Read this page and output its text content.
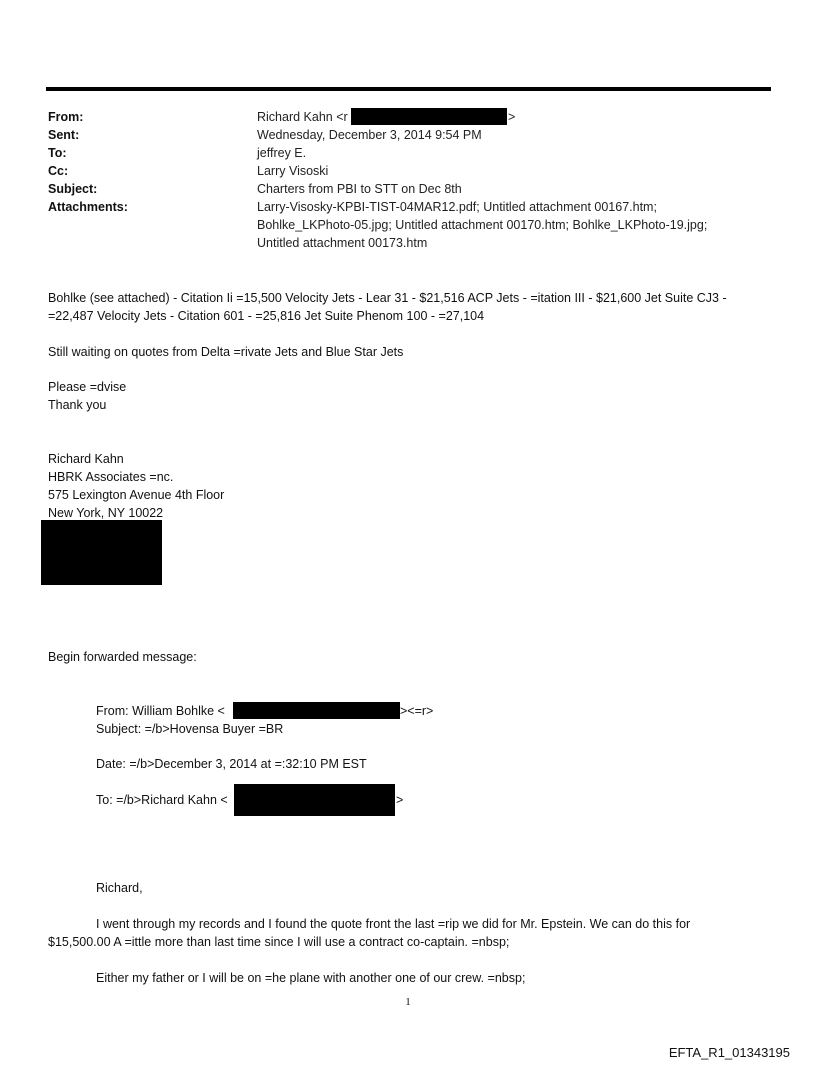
From:	Richard Kahn <r	>
Sent:	Wednesday, December 3, 2014 9:54 PM
To:	jeffrey E.
Cc:	Larry Visoski
Subject:	Charters from PBI to STT on Dec 8th
Attachments:	Larry-Visosky-KPBI-TIST-04MAR12.pdf; Untitled attachment 00167.htm;
Bohlke_LKPhoto-05.jpg; Untitled attachment 00170.htm; Bohlke_LKPhoto-19.jpg;
Untitled attachment 00173.htm
Bohlke (see attached) - Citation Ii =15,500 Velocity Jets - Lear 31 - $21,516 ACP Jets - =itation III - $21,600 Jet Suite CJ3 -
=22,487 Velocity Jets - Citation 601 - =25,816 Jet Suite Phenom 100 - =27,104
Still waiting on quotes from Delta =rivate Jets and Blue Star Jets
Please =dvise
Thank you
Richard Kahn
HBRK Associates =nc.
575 Lexington Avenue 4th Floor
New York, NY 10022
Begin forwarded message:
From: William Bohlke <	><=r>
Subject: =/b>Hovensa Buyer =BR
Date: =/b>December 3, 2014 at =:32:10 PM EST
To: =/b>Richard Kahn <	>
Richard,
I went through my records and I found the quote front the last =rip we did for Mr. Epstein. We can do this for
$15,500.00 A =ittle more than last time since I will use a contract co-captain. =nbsp;
Either my father or I will be on =he plane with another one of our crew. =nbsp;
1
EFTA_R1_01343195
